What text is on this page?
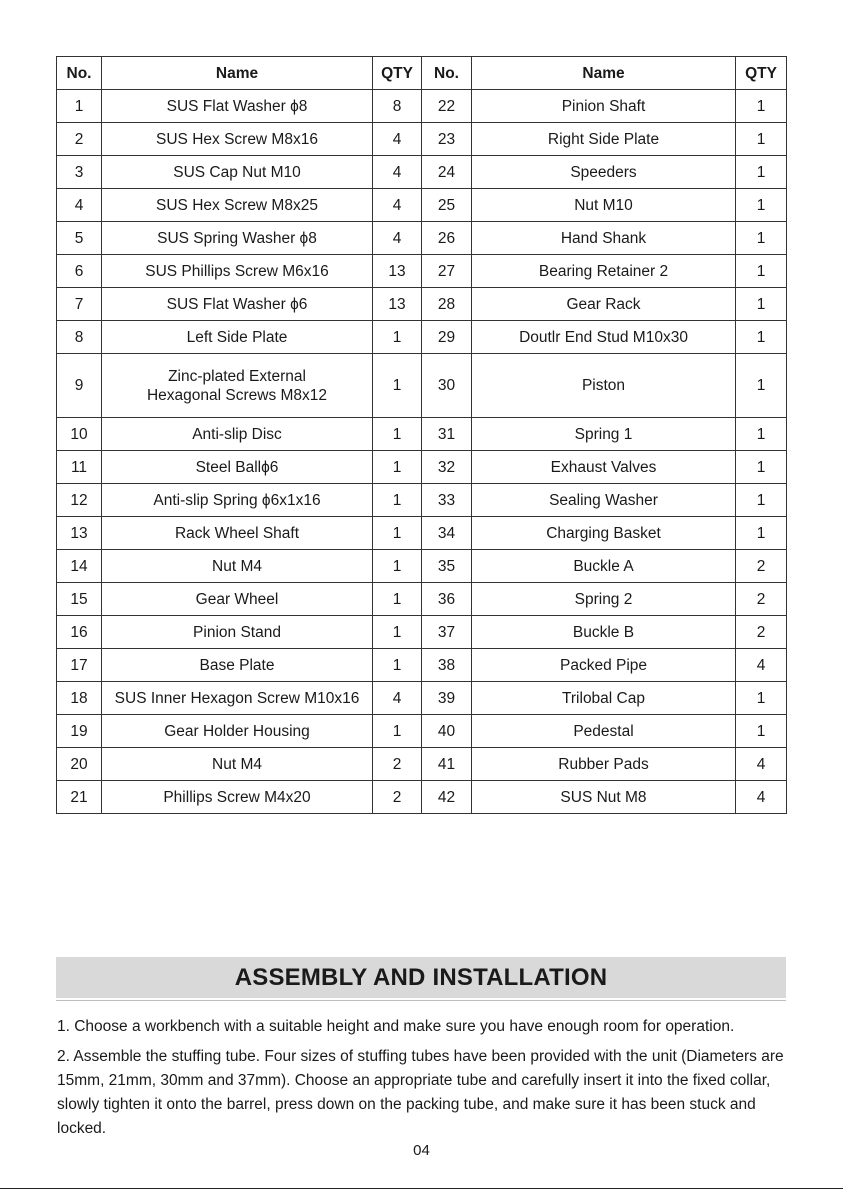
No.	Name	QTY	No.	Name	QTY
1	SUS Flat Washer ϕ8	8	22	Pinion Shaft	1
2	SUS Hex Screw M8x16	4	23	Right Side Plate	1
3	SUS Cap Nut M10	4	24	Speeders	1
4	SUS Hex Screw M8x25	4	25	Nut M10	1
5	SUS Spring Washer ϕ8	4	26	Hand Shank	1
6	SUS Phillips Screw M6x16	13	27	Bearing Retainer 2	1
7	SUS Flat Washer ϕ6	13	28	Gear Rack	1
8	Left Side Plate	1	29	Doutlr End Stud M10x30	1
9	Zinc-plated External
Hexagonal Screws M8x12	1	30	Piston	1
10	Anti-slip Disc	1	31	Spring 1	1
11	Steel Ballϕ6	1	32	Exhaust Valves	1
12	Anti-slip Spring ϕ6x1x16	1	33	Sealing Washer	1
13	Rack Wheel Shaft	1	34	Charging Basket	1
14	Nut M4	1	35	Buckle A	2
15	Gear Wheel	1	36	Spring 2	2
16	Pinion Stand	1	37	Buckle B	2
17	Base Plate	1	38	Packed Pipe	4
18	SUS Inner Hexagon Screw M10x16	4	39	Trilobal Cap	1
19	Gear Holder Housing	1	40	Pedestal	1
20	Nut M4	2	41	Rubber Pads	4
21	Phillips Screw M4x20	2	42	SUS Nut M8	4
ASSEMBLY AND INSTALLATION

1. Choose a workbench with a suitable height and make sure you have enough room for operation.

2. Assemble the stuffing tube. Four sizes of stuffing tubes have been provided with the unit (Diameters are 15mm, 21mm, 30mm and 37mm). Choose an appropriate tube and carefully insert it into the fixed collar, slowly tighten it onto the barrel, press down on the packing tube, and make sure it has been stuck and locked.

04
